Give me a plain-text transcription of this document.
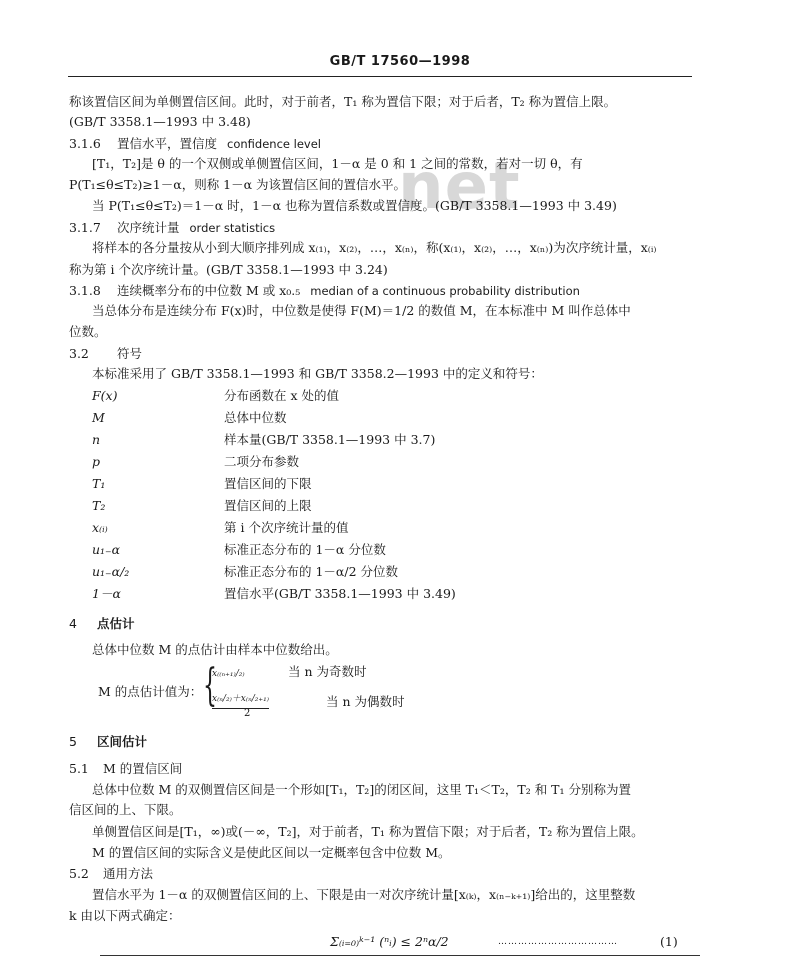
GB/T 17560—1998
net
称该置信区间为单侧置信区间。此时，对于前者，T₁ 称为置信下限；对于后者，T₂ 称为置信上限。
(GB/T 3358.1—1993 中 3.48)
3.1.6 置信水平，置信度 confidence level
[T₁，T₂]是 θ 的一个双侧或单侧置信区间，1－α 是 0 和 1 之间的常数，若对一切 θ，有
P(T₁≤θ≤T₂)≥1－α，则称 1－α 为该置信区间的置信水平。
当 P(T₁≤θ≤T₂)＝1－α 时，1－α 也称为置信系数或置信度。(GB/T 3358.1—1993 中 3.49)
3.1.7 次序统计量 order statistics
将样本的各分量按从小到大顺序排列成 x₍₁₎，x₍₂₎，…，x₍ₙ₎，称(x₍₁₎，x₍₂₎，…，x₍ₙ₎)为次序统计量，x₍ᵢ₎
称为第 i 个次序统计量。(GB/T 3358.1—1993 中 3.24)
3.1.8 连续概率分布的中位数 M 或 x₀.₅ median of a continuous probability distribution
当总体分布是连续分布 F(x)时，中位数是使得 F(M)＝1/2 的数值 M，在本标准中 M 叫作总体中
位数。
3.2 符号
本标准采用了 GB/T 3358.1—1993 和 GB/T 3358.2—1993 中的定义和符号：
F(x)	分布函数在 x 处的值
M	总体中位数
n	样本量(GB/T 3358.1—1993 中 3.7)
p	二项分布参数
T₁	置信区间的下限
T₂	置信区间的上限
x₍ᵢ₎	第 i 个次序统计量的值
u₁₋α	标准正态分布的 1－α 分位数
u₁₋α/₂	标准正态分布的 1－α/2 分位数
1－α	置信水平(GB/T 3358.1—1993 中 3.49)
4 点估计
总体中位数 M 的点估计由样本中位数给出。
M 的点估计值为： {
x₍₍ₙ₊₁₎/₂₎	当 n 为奇数时
x₍ₙ/₂₎＋x₍ₙ/₂₊₁₎
2
当 n 为偶数时
5 区间估计
5.1 M 的置信区间
总体中位数 M 的双侧置信区间是一个形如[T₁，T₂]的闭区间，这里 T₁＜T₂，T₂ 和 T₁ 分别称为置
信区间的上、下限。
单侧置信区间是[T₁，∞)或(－∞，T₂]，对于前者，T₁ 称为置信下限；对于后者，T₂ 称为置信上限。
M 的置信区间的实际含义是使此区间以一定概率包含中位数 M。
5.2 通用方法
置信水平为 1－α 的双侧置信区间的上、下限是由一对次序统计量[x₍ₖ₎，x₍ₙ₋ₖ₊₁₎]给出的，这里整数
k 由以下两式确定：
Σ₍ᵢ₌₀₎ᵏ⁻¹ (ⁿᵢ) ≤ 2ⁿα/2	………………………………	(1)
